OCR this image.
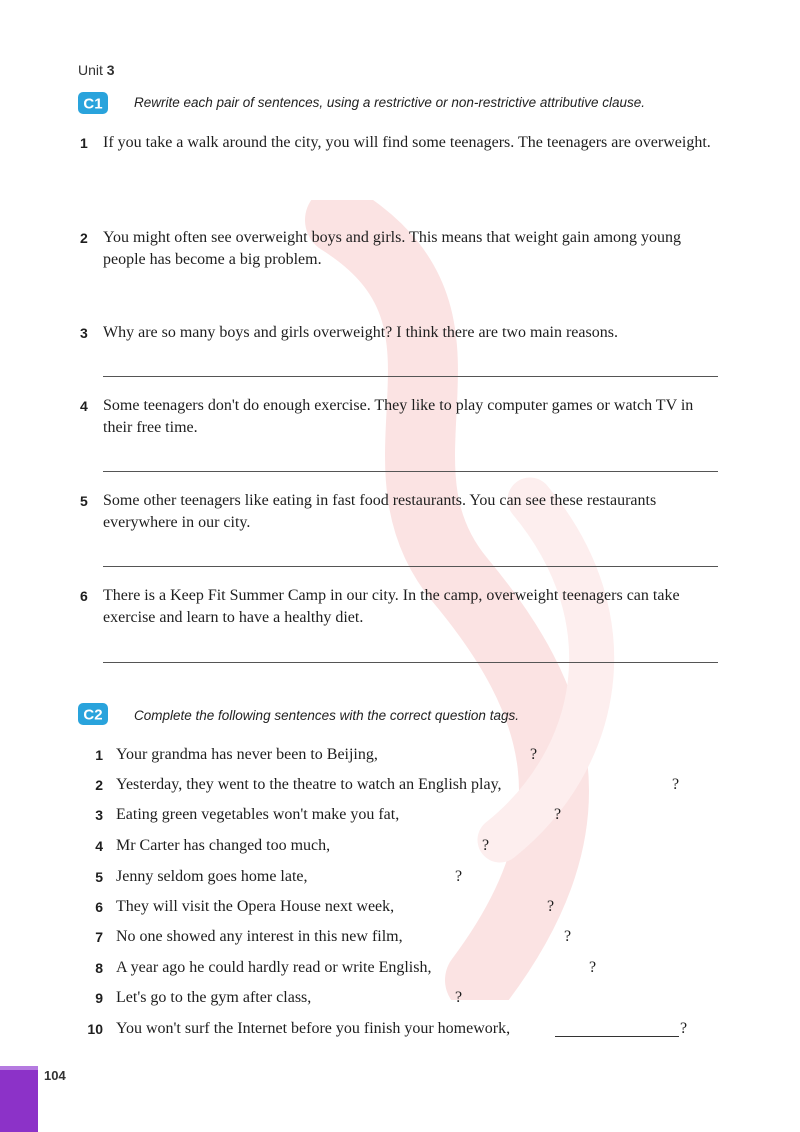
Unit 3
C1 Rewrite each pair of sentences, using a restrictive or non-restrictive attributive clause.
1 If you take a walk around the city, you will find some teenagers. The teenagers are overweight.
2 You might often see overweight boys and girls. This means that weight gain among young people has become a big problem.
3 Why are so many boys and girls overweight? I think there are two main reasons.
4 Some teenagers don't do enough exercise. They like to play computer games or watch TV in their free time.
5 Some other teenagers like eating in fast food restaurants. You can see these restaurants everywhere in our city.
6 There is a Keep Fit Summer Camp in our city. In the camp, overweight teenagers can take exercise and learn to have a healthy diet.
C2 Complete the following sentences with the correct question tags.
1 Your grandma has never been to Beijing,	?
2 Yesterday, they went to the theatre to watch an English play,	?
3 Eating green vegetables won't make you fat,	?
4 Mr Carter has changed too much,	?
5 Jenny seldom goes home late,	?
6 They will visit the Opera House next week,	?
7 No one showed any interest in this new film,	?
8 A year ago he could hardly read or write English,	?
9 Let's go to the gym after class,	?
10 You won't surf the Internet before you finish your homework,	?
104
